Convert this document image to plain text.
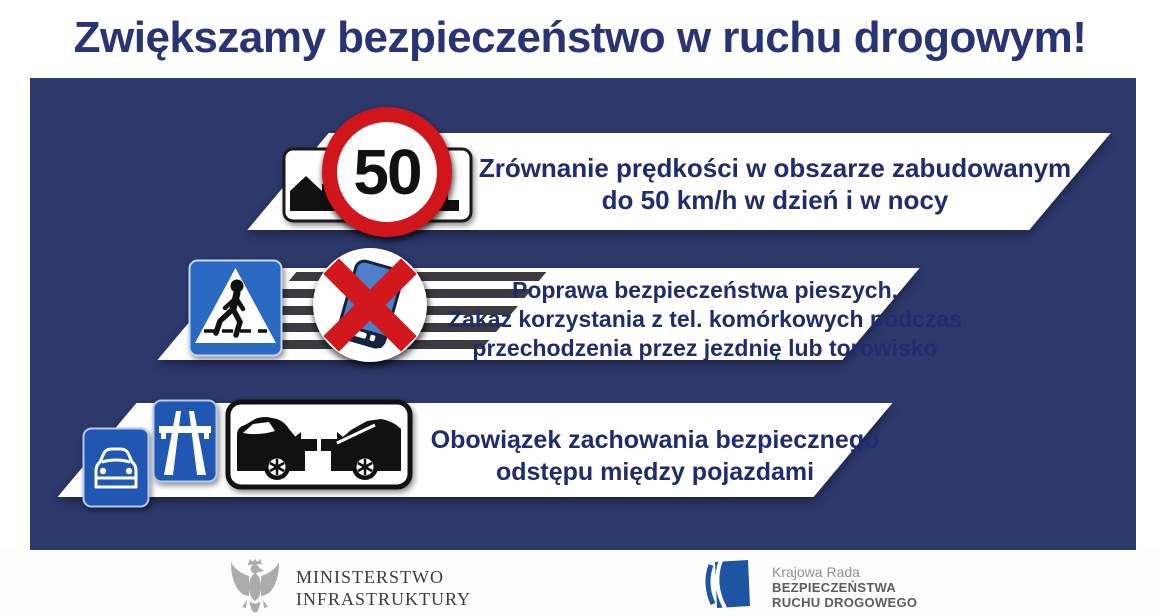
Zwiększamy bezpieczeństwo w ruchu drogowym!
50	Zrównanie prędkości w obszarze zabudowanym
do 50 km/h w dzień i w nocy
Poprawa bezpieczeństwa pieszych.
Zakaz korzystania z tel. komórkowych podczas
przechodzenia przez jezdnię lub torowisko
Obowiązek zachowania bezpiecznego
odstępu między pojazdami
MINISTERSTWO
INFRASTRUKTURY
Krajowa Rada
BEZPIECZEŃSTWA
RUCHU DROGOWEGO
